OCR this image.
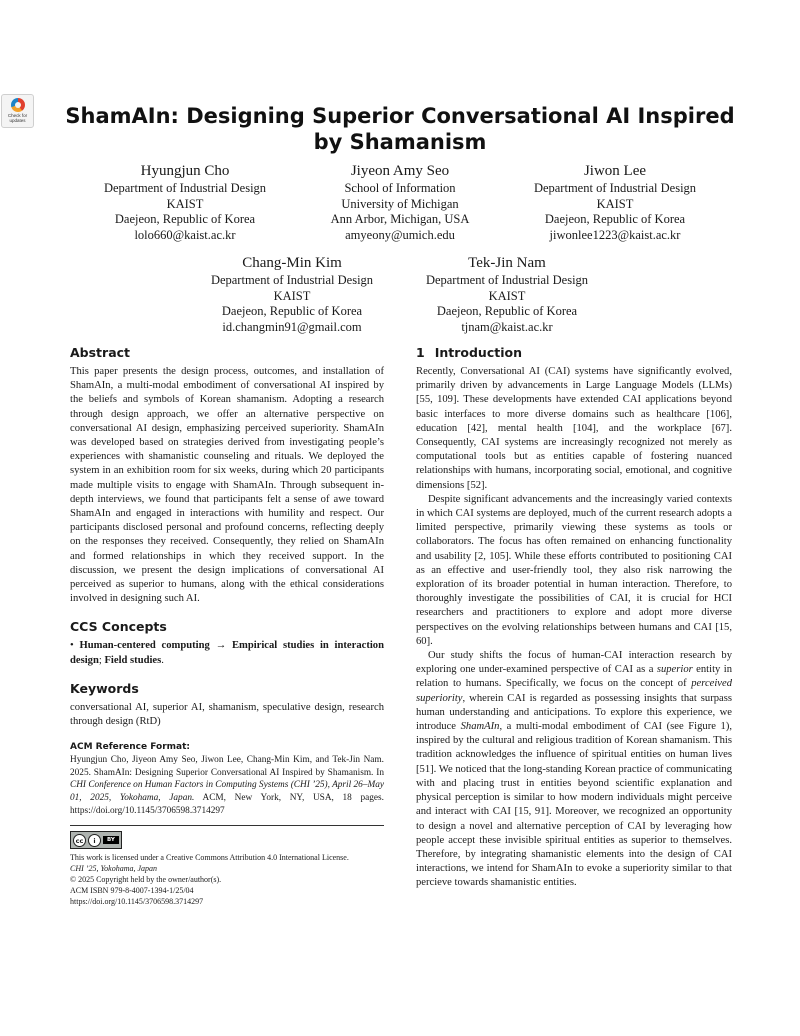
Check for
updates	ShamAIn: Designing Superior Conversational AI Inspired by Shamanism
Hyungjun Cho
Department of Industrial Design
KAIST
Daejeon, Republic of Korea
lolo660@kaist.ac.kr
Jiyeon Amy Seo
School of Information
University of Michigan
Ann Arbor, Michigan, USA
amyeony@umich.edu
Jiwon Lee
Department of Industrial Design
KAIST
Daejeon, Republic of Korea
jiwonlee1223@kaist.ac.kr
Chang-Min Kim
Department of Industrial Design
KAIST
Daejeon, Republic of Korea
id.changmin91@gmail.com
Tek-Jin Nam
Department of Industrial Design
KAIST
Daejeon, Republic of Korea
tjnam@kaist.ac.kr
Abstract

This paper presents the design process, outcomes, and installation of ShamAIn, a multi-modal embodiment of conversational AI inspired by the beliefs and symbols of Korean shamanism. Adopting a research through design approach, we offer an alternative perspective on conversational AI design, emphasizing perceived superiority. ShamAIn was developed based on strategies derived from investigating people’s experiences with shamanistic counseling and rituals. We deployed the system in an exhibition room for six weeks, during which 20 participants made multiple visits to engage with ShamAIn. Through subsequent in-depth interviews, we found that participants felt a sense of awe toward ShamAIn and engaged in interactions with humility and respect. Our participants disclosed personal and profound concerns, reflecting deeply on the responses they received. Consequently, they relied on ShamAIn and formed relationships in which they received support. In the discussion, we present the design implications of conversational AI perceived as superior to humans, along with the ethical considerations involved in designing such AI.

CCS Concepts

• Human-centered computing → Empirical studies in interaction design; Field studies.

Keywords

conversational AI, superior AI, shamanism, speculative design, research through design (RtD)

ACM Reference Format:

Hyungjun Cho, Jiyeon Amy Seo, Jiwon Lee, Chang-Min Kim, and Tek-Jin Nam. 2025. ShamAIn: Designing Superior Conversational AI Inspired by Shamanism. In CHI Conference on Human Factors in Computing Systems (CHI ’25), April 26–May 01, 2025, Yokohama, Japan. ACM, New York, NY, USA, 18 pages. https://doi.org/10.1145/3706598.3714297

cc	i	BY
This work is licensed under a Creative Commons Attribution 4.0 International License.
CHI ’25, Yokohama, Japan
© 2025 Copyright held by the owner/author(s).
ACM ISBN 979-8-4007-1394-1/25/04
https://doi.org/10.1145/3706598.3714297
1 Introduction

Recently, Conversational AI (CAI) systems have significantly evolved, primarily driven by advancements in Large Language Models (LLMs) [55, 109]. These developments have extended CAI applications beyond basic interfaces to more diverse domains such as healthcare [106], education [42], mental health [104], and the workplace [67]. Consequently, CAI systems are increasingly recognized not merely as computational tools but as entities capable of fostering nuanced relationships with humans, incorporating social, emotional, and cognitive dimensions [52].

Despite significant advancements and the increasingly varied contexts in which CAI systems are deployed, much of the current research adopts a limited perspective, primarily viewing these systems as tools or collaborators. The focus has often remained on enhancing functionality and usability [2, 105]. While these efforts contributed to positioning CAI as an effective and user-friendly tool, they also risk narrowing the exploration of its broader potential in human interaction. Therefore, to thoroughly investigate the possibilities of CAI, it is crucial for HCI researchers and practitioners to explore and adopt more diverse perspectives on the evolving relationships between humans and CAI [15, 60].

Our study shifts the focus of human-CAI interaction research by exploring one under-examined perspective of CAI as a superior entity in relation to humans. Specifically, we focus on the concept of perceived superiority, wherein CAI is regarded as possessing insights that surpass human understanding and anticipations. To explore this experience, we introduce ShamAIn, a multi-modal embodiment of CAI (see Figure 1), inspired by the cultural and religious tradition of Korean shamanism. This tradition acknowledges the influence of spiritual entities on human lives [51]. We noticed that the long-standing Korean practice of communicating with and placing trust in entities beyond scientific explanation and physical perception is similar to how modern individuals might perceive and interact with CAI [15, 91]. Moreover, we recognized an opportunity to design a novel and alternative perception of CAI by leveraging how people accept these invisible spiritual entities as superior to themselves. Therefore, by integrating shamanistic elements into the design of CAI interactions, we intend for ShamAIn to evoke a superiority similar to that percieve towards shamanistic entities.
